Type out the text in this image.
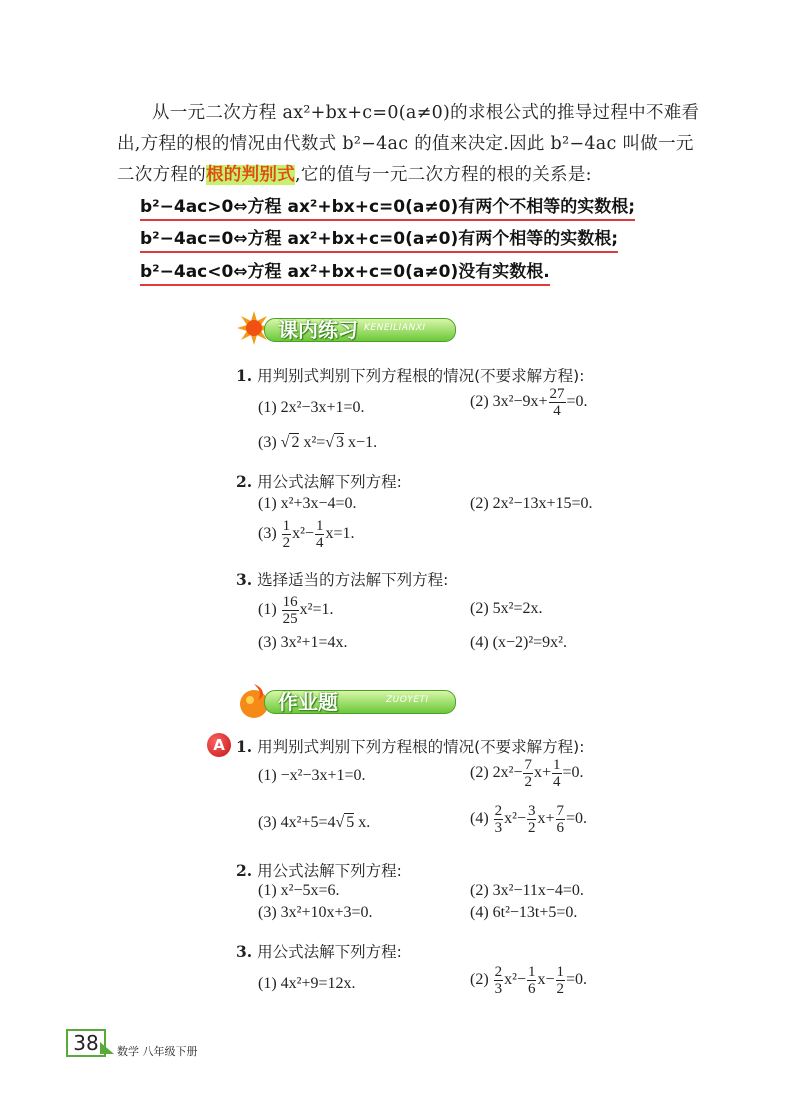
从一元二次方程 ax²+bx+c=0(a≠0)的求根公式的推导过程中不难看

出,方程的根的情况由代数式 b²−4ac 的值来决定.因此 b²−4ac 叫做一元

二次方程的根的判别式,它的值与一元二次方程的根的关系是:

b²−4ac>0⇔方程 ax²+bx+c=0(a≠0)有两个不相等的实数根;
b²−4ac=0⇔方程 ax²+bx+c=0(a≠0)有两个相等的实数根;
b²−4ac<0⇔方程 ax²+bx+c=0(a≠0)没有实数根.
课内练习 KENEILIANXI
1. 用判别式判别下列方程根的情况(不要求解方程):
(1) 2x²−3x+1=0.	(2) $3x^2-9x+ \frac{27}{4} =0$.
(3) √ 2 x²=√ 3 x−1.
2. 用公式法解下列方程:
(1) x²+3x−4=0.	(2) 2x²−13x+15=0.
$(3) \frac{1}{2} x^2- \frac{1}{4} x=1$.
3. 选择适当的方法解下列方程:
$(1) \frac{16}{25} x^2=1$.	(2) 5x²=2x.
(3) 3x²+1=4x.	(4) (x−2)²=9x².
作业题	ZUOYETI
A 1. 用判别式判别下列方程根的情况(不要求解方程):
(1) −x²−3x+1=0.	(2) $2x^2- \frac{7}{2} x+ \frac{1}{4} =0$.
(3) 4x²+5=4√ 5 x.	$(4) \frac{2}{3} x^2- \frac{3}{2} x+ \frac{7}{6} =0$.
2. 用公式法解下列方程:
(1) x²−5x=6.	(2) 3x²−11x−4=0.
(3) 3x²+10x+3=0.	(4) 6t²−13t+5=0.
3. 用公式法解下列方程:
(1) 4x²+9=12x.	$(2) \frac{2}{3} x^2- \frac{1}{6} x- \frac{1}{2} =0$.
38	数学 八年级下册
